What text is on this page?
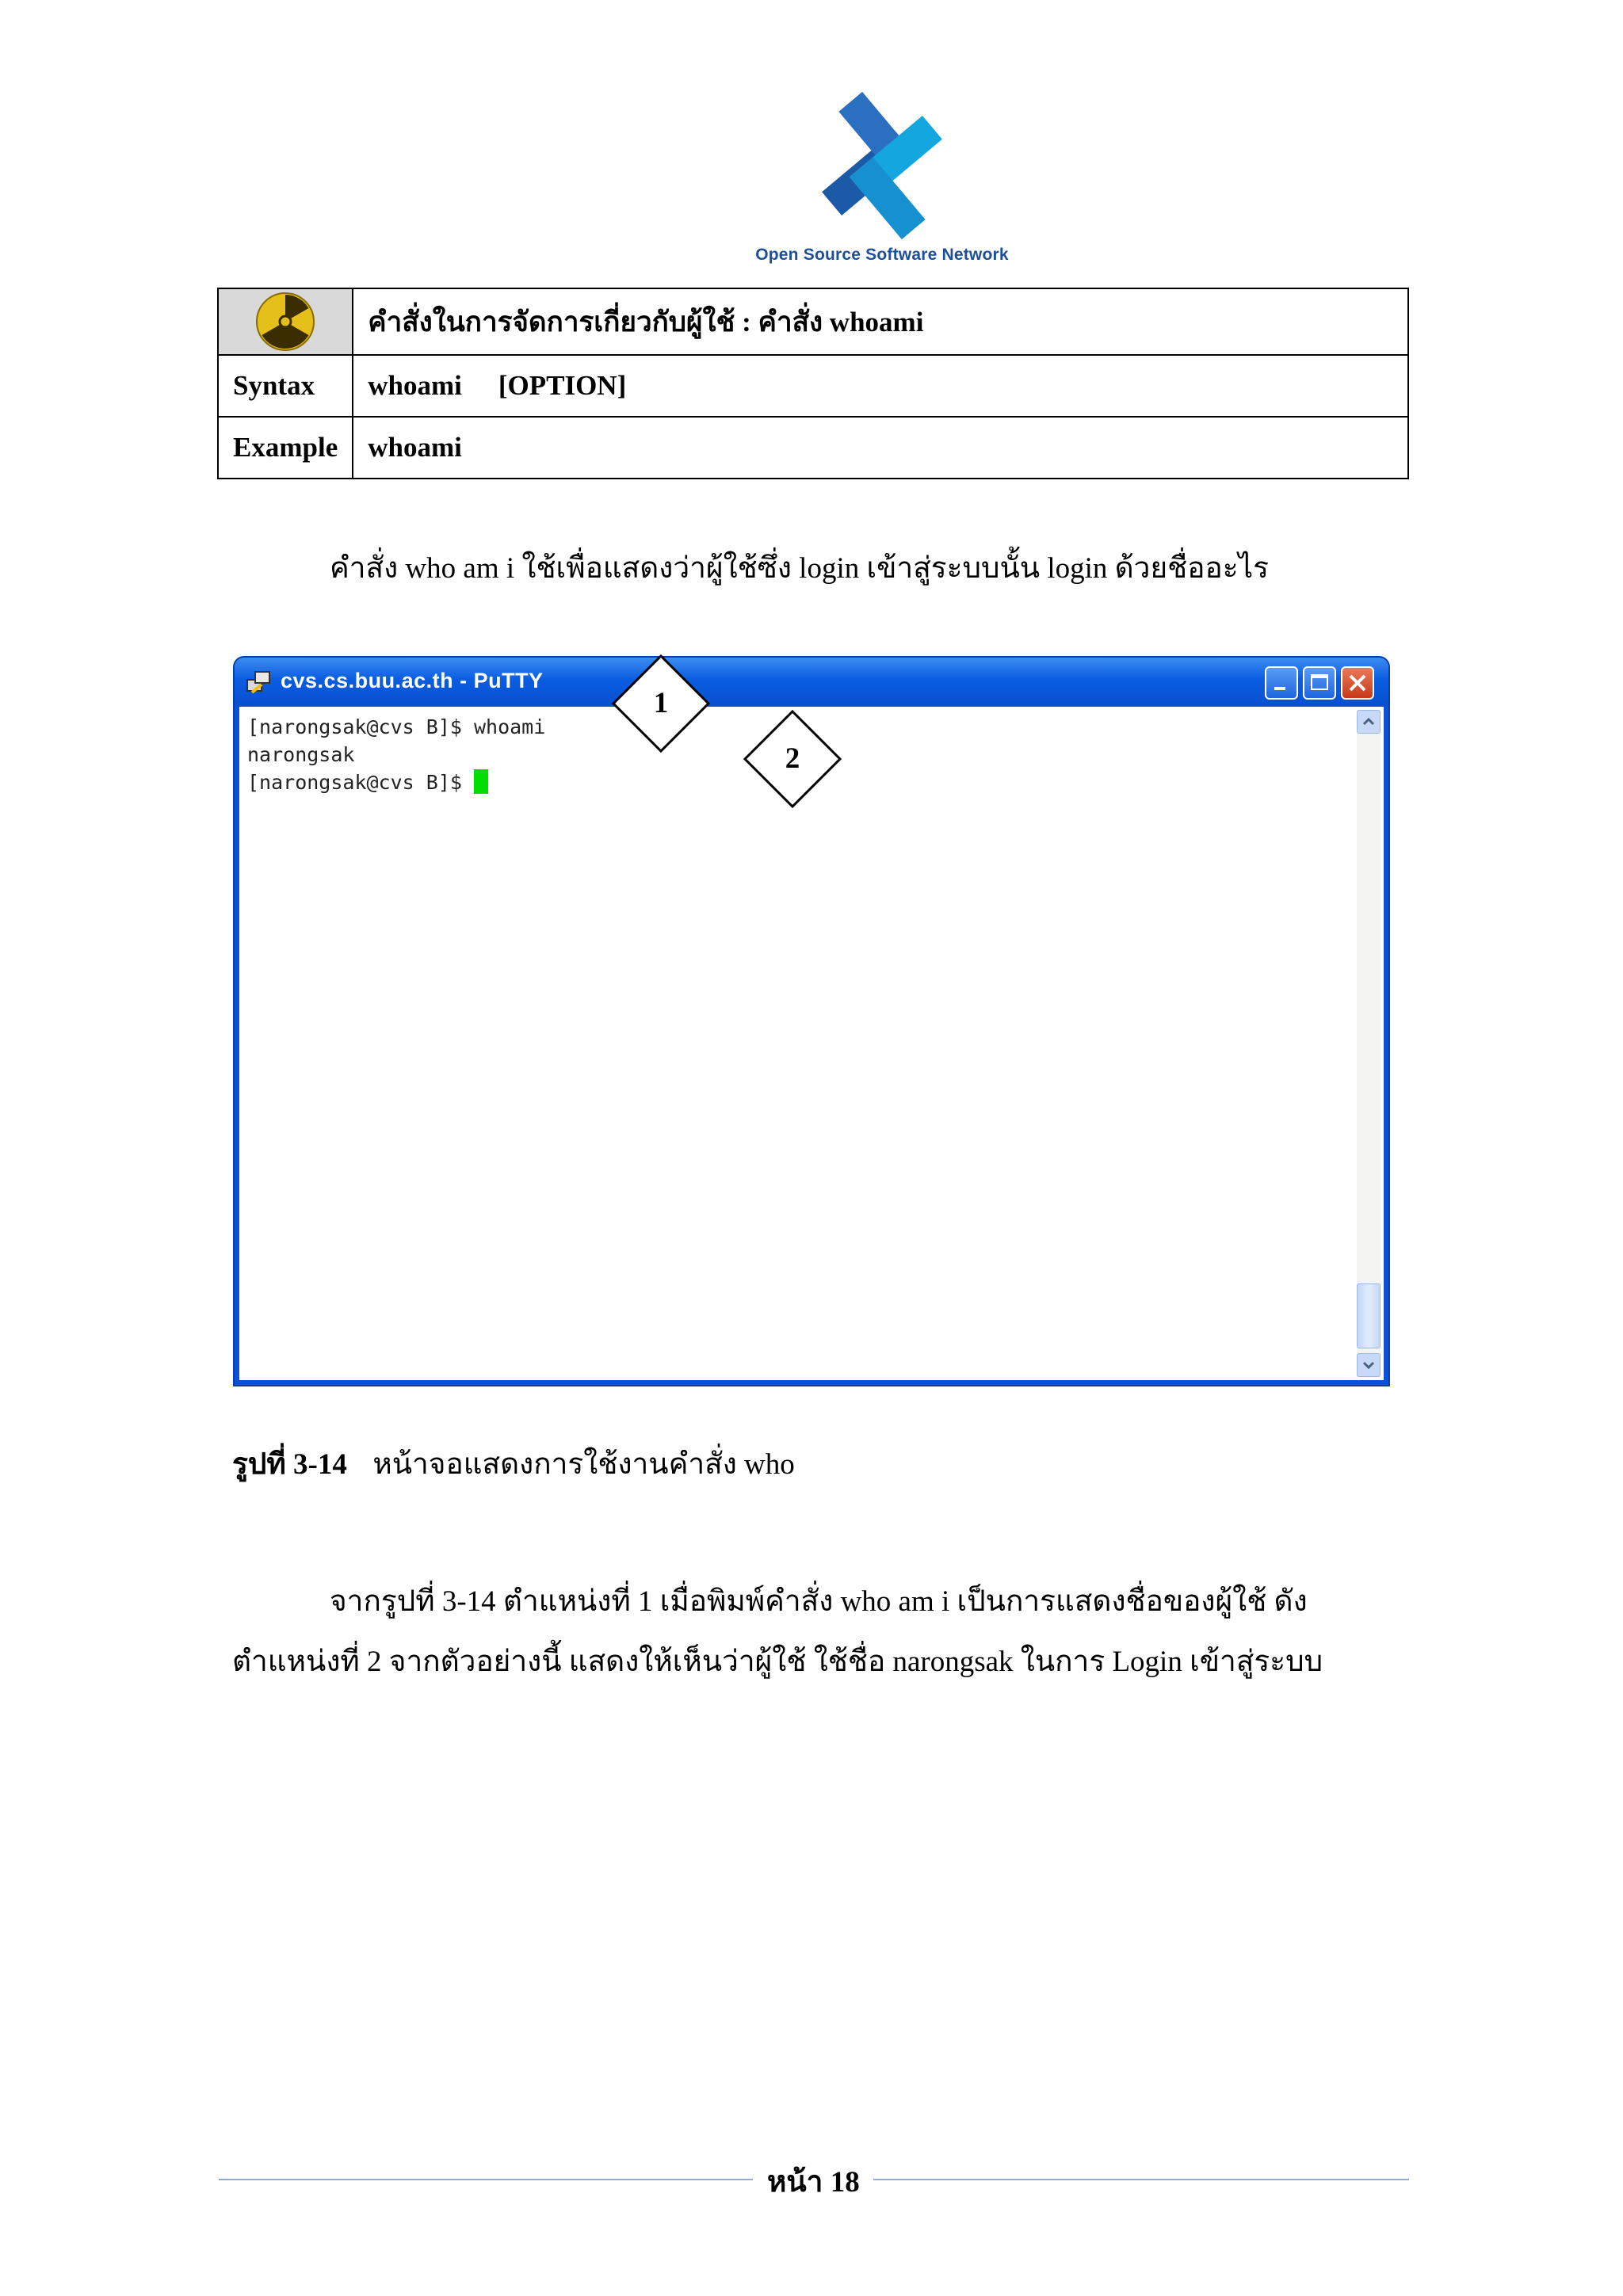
Open Source Software Network
	คำสั่งในการจัดการเกี่ยวกับผู้ใช้ : คำสั่ง whoami
Syntax	whoami [OPTION]
Example	whoami
คำสั่ง who am i ใช้เพื่อแสดงว่าผู้ใช้ซึ่ง login เข้าสู่ระบบนั้น login ด้วยชื่ออะไร
cvs.cs.buu.ac.th - PuTTY
[narongsak@cvs B]$ whoami
narongsak
[narongsak@cvs B]$
1
2
รูปที่ 3-14 หน้าจอแสดงการใช้งานคำสั่ง who
จากรูปที่ 3-14 ตำแหน่งที่ 1 เมื่อพิมพ์คำสั่ง who am i เป็นการแสดงชื่อของผู้ใช้ ดัง
ตำแหน่งที่ 2 จากตัวอย่างนี้ แสดงให้เห็นว่าผู้ใช้ ใช้ชื่อ narongsak ในการ Login เข้าสู่ระบบ
หน้า 18
